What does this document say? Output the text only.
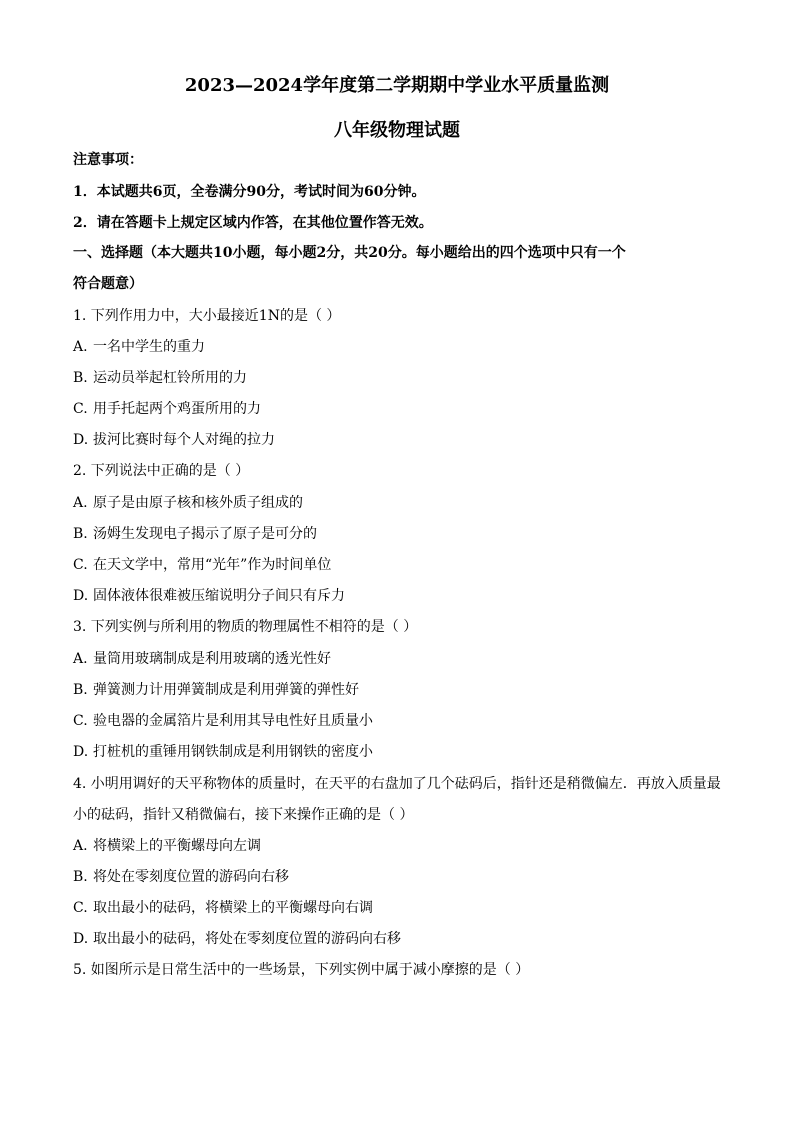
2023—2024学年度第二学期期中学业水平质量监测
八年级物理试题
注意事项：
1．本试题共6页，全卷满分90分，考试时间为60分钟。
2．请在答题卡上规定区域内作答，在其他位置作答无效。
一、选择题（本大题共10小题，每小题2分，共20分。每小题给出的四个选项中只有一个
符合题意）
1. 下列作用力中，大小最接近1N的是（ ）
A. 一名中学生的重力
B. 运动员举起杠铃所用的力
C. 用手托起两个鸡蛋所用的力
D. 拔河比赛时每个人对绳的拉力
2. 下列说法中正确的是（ ）
A. 原子是由原子核和核外质子组成的
B. 汤姆生发现电子揭示了原子是可分的
C. 在天文学中，常用“光年”作为时间单位
D. 固体液体很难被压缩说明分子间只有斥力
3. 下列实例与所利用的物质的物理属性不相符的是（ ）
A. 量筒用玻璃制成是利用玻璃的透光性好
B. 弹簧测力计用弹簧制成是利用弹簧的弹性好
C. 验电器的金属箔片是利用其导电性好且质量小
D. 打桩机的重锤用钢铁制成是利用钢铁的密度小
4. 小明用调好的天平称物体的质量时，在天平的右盘加了几个砝码后，指针还是稍微偏左．再放入质量最
小的砝码，指针又稍微偏右，接下来操作正确的是（ ）
A. 将横梁上的平衡螺母向左调
B. 将处在零刻度位置的游码向右移
C. 取出最小的砝码，将横梁上的平衡螺母向右调
D. 取出最小的砝码，将处在零刻度位置的游码向右移
5. 如图所示是日常生活中的一些场景，下列实例中属于减小摩擦的是（ ）
